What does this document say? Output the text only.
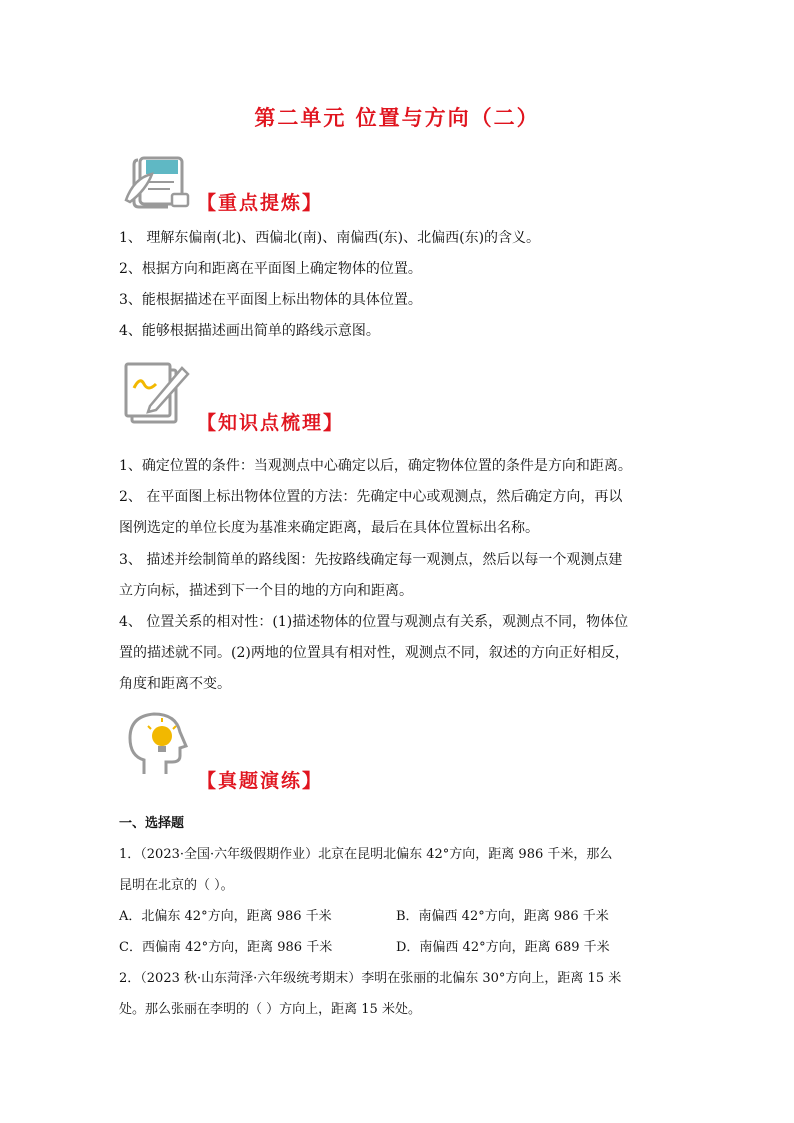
第二单元 位置与方向（二）
【重点提炼】
1、 理解东偏南(北)、西偏北(南)、南偏西(东)、北偏西(东)的含义。
2、根据方向和距离在平面图上确定物体的位置。
3、能根据描述在平面图上标出物体的具体位置。
4、能够根据描述画出简单的路线示意图。
【知识点梳理】
1、确定位置的条件：当观测点中心确定以后，确定物体位置的条件是方向和距离。
2、 在平面图上标出物体位置的方法：先确定中心或观测点，然后确定方向，再以
图例选定的单位长度为基准来确定距离，最后在具体位置标出名称。
3、 描述并绘制简单的路线图：先按路线确定每一观测点，然后以每一个观测点建
立方向标，描述到下一个目的地的方向和距离。
4、 位置关系的相对性：(1)描述物体的位置与观测点有关系，观测点不同，物体位
置的描述就不同。(2)两地的位置具有相对性，观测点不同，叙述的方向正好相反，
角度和距离不变。
【真题演练】
一、选择题
1．（2023·全国·六年级假期作业）北京在昆明北偏东 42°方向，距离 986 千米，那么
昆明在北京的（ ）。
A．北偏东 42°方向，距离 986 千米	B．南偏西 42°方向，距离 986 千米
C．西偏南 42°方向，距离 986 千米	D．南偏西 42°方向，距离 689 千米
2．（2023 秋·山东菏泽·六年级统考期末）李明在张丽的北偏东 30°方向上，距离 15 米
处。那么张丽在李明的（ ）方向上，距离 15 米处。
